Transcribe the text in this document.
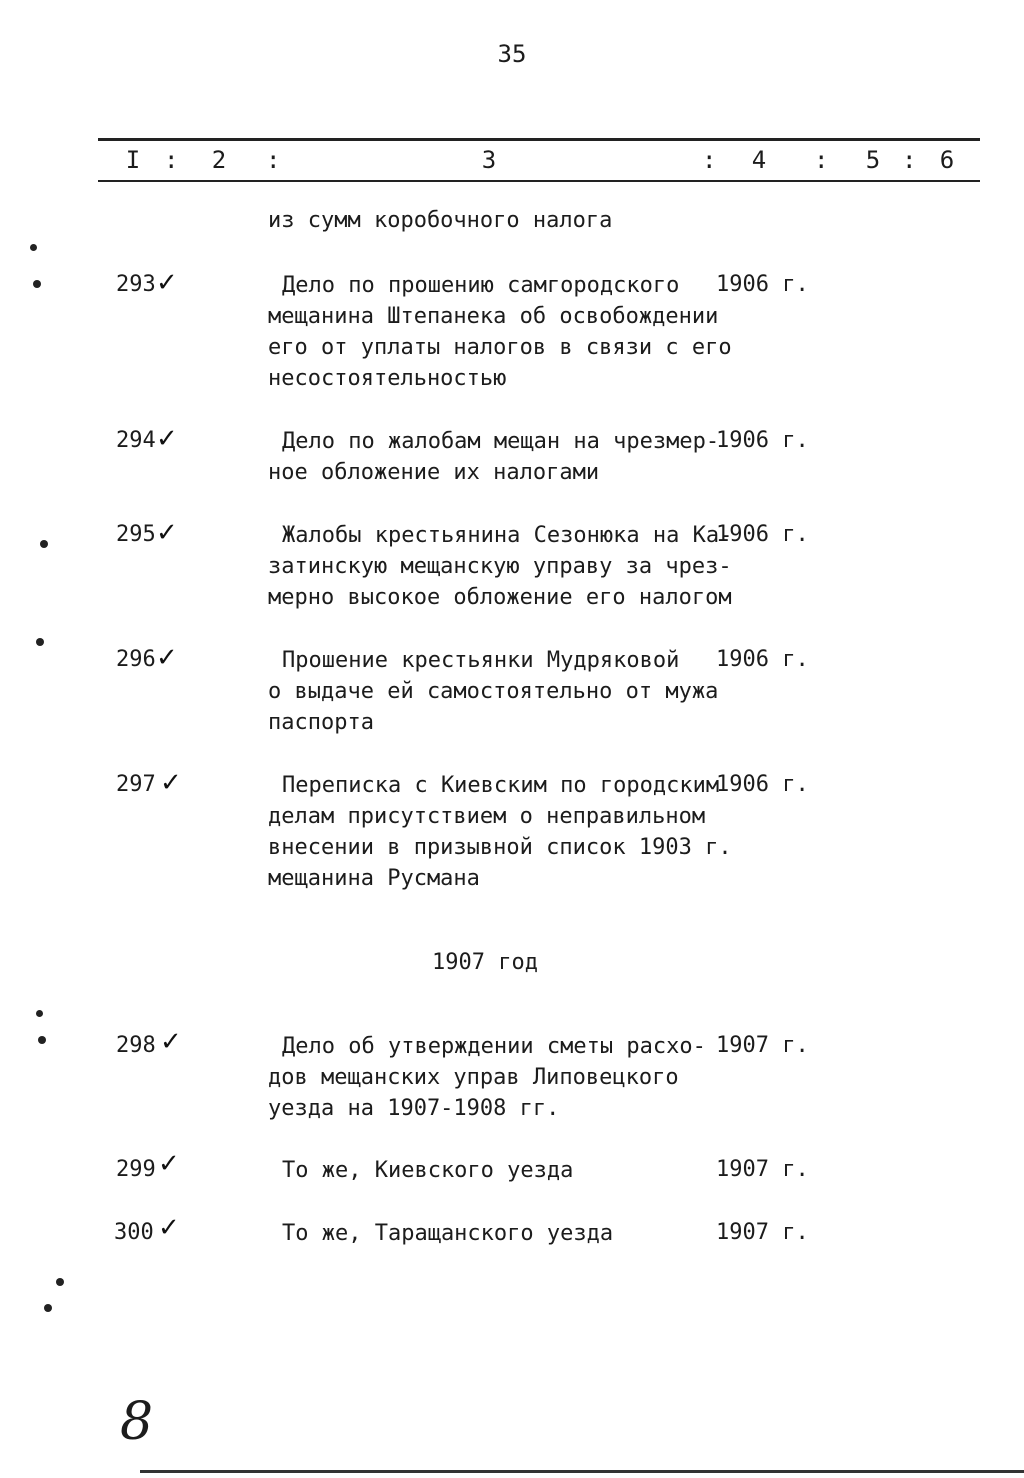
35
I :	2	:	3	:	4	:	5 : 6
из сумм коробочного налога
293 ✓	Дело по прошению самгородского
мещанина Штепанека об освобождении
его от уплаты налогов в связи с его
несостоятельностью
1906 г.
294 ✓	Дело по жалобам мещан на чрезмер-
ное обложение их налогами
1906 г.
295 ✓	Жалобы крестьянина Сезонюка на Ка-
затинскую мещанскую управу за чрез-
мерно высокое обложение его налогом
1906 г.
296 ✓	Прошение крестьянки Мудряковой
о выдаче ей самостоятельно от мужа
паспорта
1906 г.
297 ✓	Переписка с Киевским по городским
делам присутствием о неправильном
внесении в призывной список 1903 г.
мещанина Русмана
1906 г.
1907 год
298 ✓	Дело об утверждении сметы расхо-
дов мещанских управ Липовецкого
уезда на 1907-1908 гг.
1907 г.
299 ✓	То же, Киевского уезда	1907 г.
300 ✓	То же, Таращанского уезда	1907 г.
8
